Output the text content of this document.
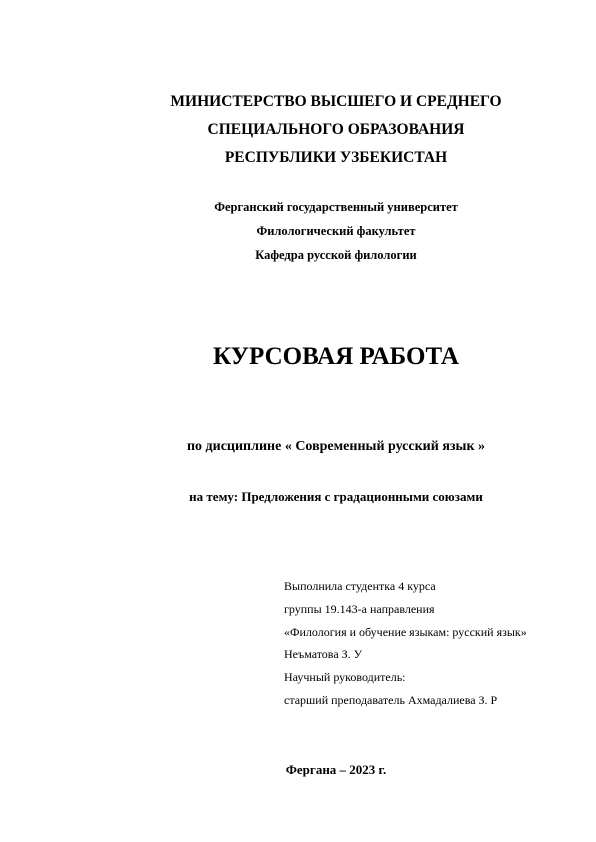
МИНИСТЕРСТВО ВЫСШЕГО И СРЕДНЕГО
СПЕЦИАЛЬНОГО ОБРАЗОВАНИЯ
РЕСПУБЛИКИ УЗБЕКИСТАН
Ферганский государственный университет
Филологический факультет
Кафедра русской филологии
КУРСОВАЯ РАБОТА
по дисциплине « Современный русский язык »
на тему: Предложения с градационными союзами
Выполнила студентка 4 курса
группы 19.143-а направления
«Филология и обучение языкам: русский язык»
Неъматова З. У
Научный руководитель:
старший преподаватель Ахмадалиева З. Р
Фергана – 2023 г.
